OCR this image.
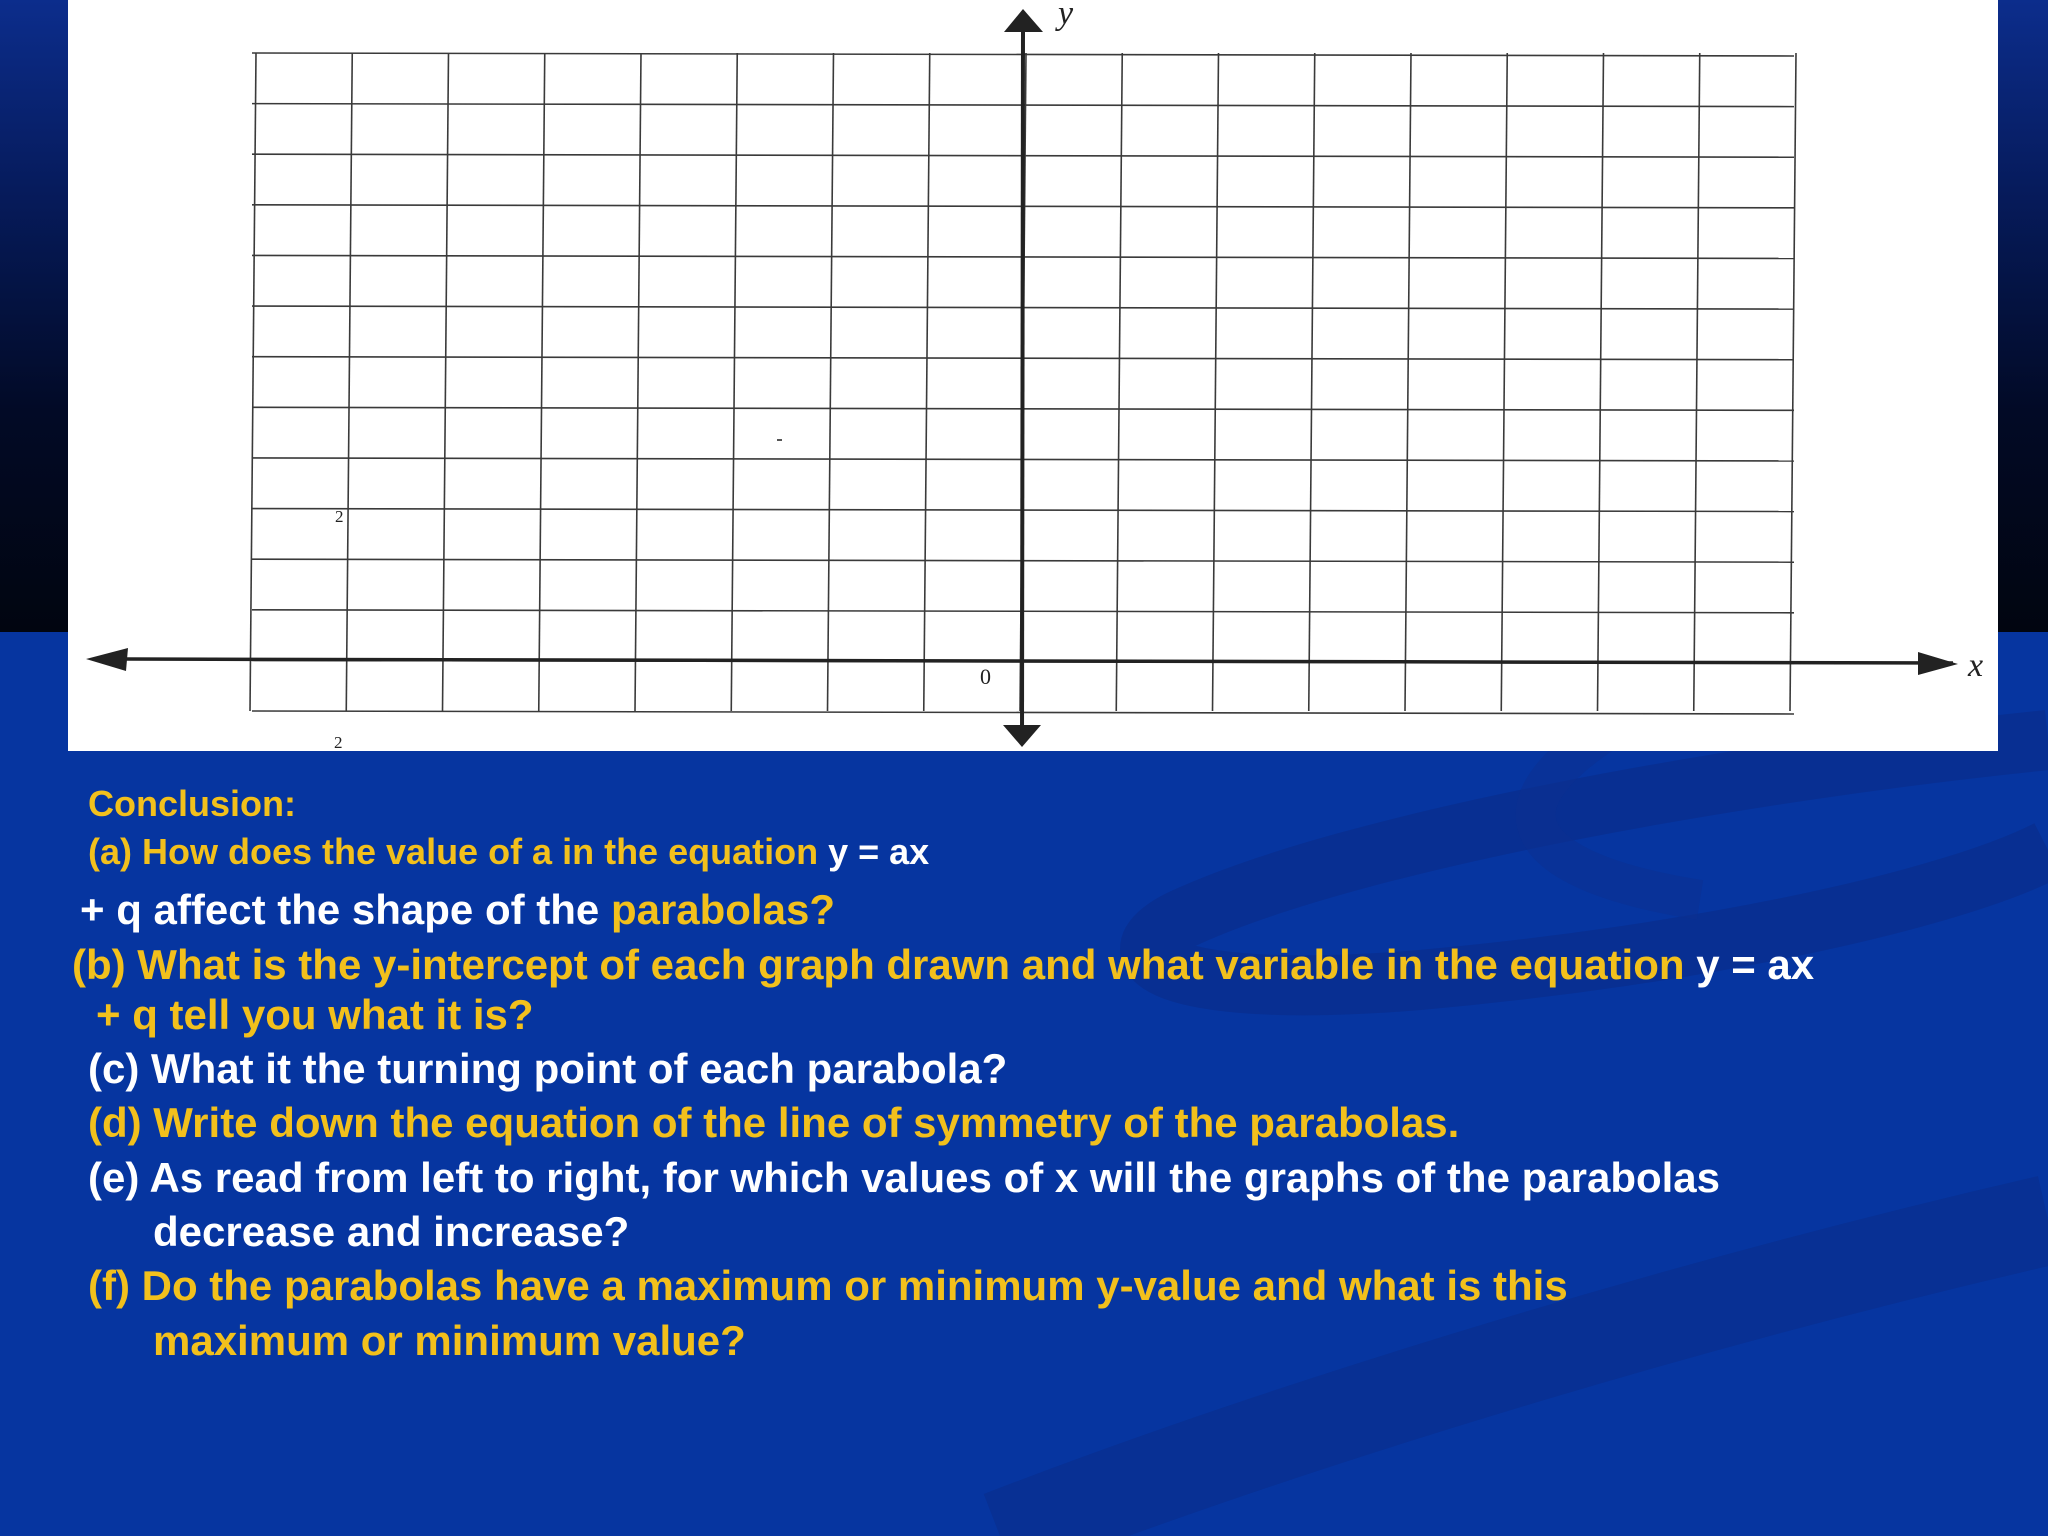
y
x
0
2
2
Conclusion:
(a) How does the value of a in the equation y = ax
+ q affect the shape of the parabolas?
(b) What is the y-intercept of each graph drawn and what variable in the equation y = ax
+ q tell you what it is?
(c) What it the turning point of each parabola?
(d) Write down the equation of the line of symmetry of the parabolas.
(e) As read from left to right, for which values of x will the graphs of the parabolas
decrease and increase?
(f) Do the parabolas have a maximum or minimum y-value and what is this
maximum or minimum value?
